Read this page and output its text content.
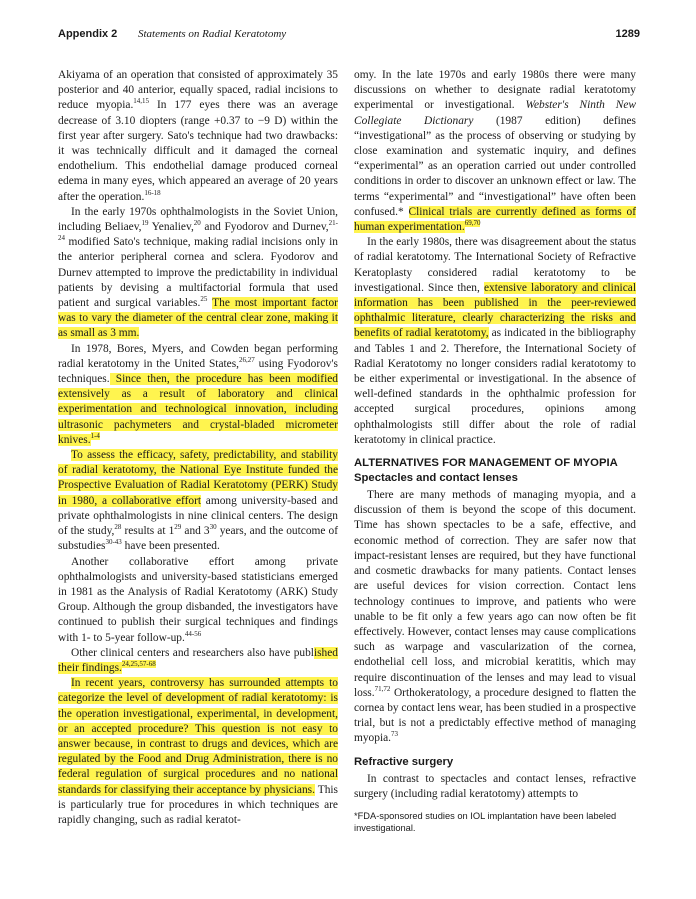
Appendix 2 Statements on Radial Keratotomy	1289

Akiyama of an operation that consisted of approximately 35 posterior and 40 anterior, equally spaced, radial incisions to reduce myopia.$^{14,15}$ In 177 eyes there was an average decrease of 3.10 diopters (range +0.37 to −9 D) within the first year after surgery. Sato's technique had two drawbacks: it was technically difficult and it damaged the corneal endothelium. This endothelial damage produced corneal edema in many eyes, which appeared an average of 20 years after the operation.$^{16-18}$

In the early 1970s ophthalmologists in the Soviet Union, including Beliaev,$^{19}$ Yenaliev,$^{20}$ and Fyodorov and Durnev,$^{21-24}$ modified Sato's technique, making radial incisions only in the anterior peripheral cornea and sclera. Fyodorov and Durnev attempted to improve the predictability in individual patients by devising a multifactorial formula that used patient and surgical variables.$^{25}$ The most important factor was to vary the diameter of the central clear zone, making it as small as 3 mm.

In 1978, Bores, Myers, and Cowden began performing radial keratotomy in the United States,$^{26,27}$ using Fyodorov's techniques. Since then, the procedure has been modified extensively as a result of laboratory and clinical experimentation and technological innovation, including ultrasonic pachymeters and crystal-bladed micrometer knives.$^{1-4}$

To assess the efficacy, safety, predictability, and stability of radial keratotomy, the National Eye Institute funded the Prospective Evaluation of Radial Keratotomy (PERK) Study in 1980, a collaborative effort among university-based and private ophthalmologists in nine clinical centers. The design of the study,$^{28}$ results at $1^{29}$ and $3^{30}$ years, and the outcome of substudies$^{30-43}$ have been presented.

Another collaborative effort among private ophthalmologists and university-based statisticians emerged in 1981 as the Analysis of Radial Keratotomy (ARK) Study Group. Although the group disbanded, the investigators have continued to publish their surgical techniques and findings with 1- to 5-year follow-up.$^{44-56}$

Other clinical centers and researchers also have published their findings.$^{24,25,57-68}$

In recent years, controversy has surrounded attempts to categorize the level of development of radial keratotomy: is the operation investigational, experimental, in development, or an accepted procedure? This question is not easy to answer because, in contrast to drugs and devices, which are regulated by the Food and Drug Administration, there is no federal regulation of surgical procedures and no national standards for classifying their acceptance by physicians. This is particularly true for procedures in which techniques are rapidly changing, such as radial keratot-

omy. In the late 1970s and early 1980s there were many discussions on whether to designate radial keratotomy experimental or investigational. Webster's Ninth New Collegiate Dictionary (1987 edition) defines “investigational” as the process of observing or studying by close examination and systematic inquiry, and defines “experimental” as an operation carried out under controlled conditions in order to discover an unknown effect or law. The terms “experimental” and “investigational” have often been confused.* Clinical trials are currently defined as forms of human experimentation.$^{69,70}$

In the early 1980s, there was disagreement about the status of radial keratotomy. The International Society of Refractive Keratoplasty considered radial keratotomy to be investigational. Since then, extensive laboratory and clinical information has been published in the peer-reviewed ophthalmic literature, clearly characterizing the risks and benefits of radial keratotomy, as indicated in the bibliography and Tables 1 and 2. Therefore, the International Society of Radial Keratotomy no longer considers radial keratotomy to be either experimental or investigational. In the absence of well-defined standards in the ophthalmic profession for accepted surgical procedures, opinions among ophthalmologists still differ about the role of radial keratotomy in clinical practice.

ALTERNATIVES FOR MANAGEMENT OF MYOPIA
Spectacles and contact lenses

There are many methods of managing myopia, and a discussion of them is beyond the scope of this document. Time has shown spectacles to be a safe, effective, and economic method of correction. They are safer now that impact-resistant lenses are required, but they have functional and cosmetic drawbacks for many patients. Contact lenses are useful devices for vision correction. Contact lens technology continues to improve, and patients who were unable to be fit only a few years ago can now often be fit effectively. However, contact lenses may cause complications such as warpage and vascularization of the cornea, endothelial cell loss, and microbial keratitis, which may require discontinuation of the lenses and may lead to visual loss.$^{71,72}$ Orthokeratology, a procedure designed to flatten the cornea by contact lens wear, has been studied in a prospective trial, but is not a predictably effective method of managing myopia.$^{73}$

Refractive surgery

In contrast to spectacles and contact lenses, refractive surgery (including radial keratotomy) attempts to

*FDA-sponsored studies on IOL implantation have been labeled investigational.
